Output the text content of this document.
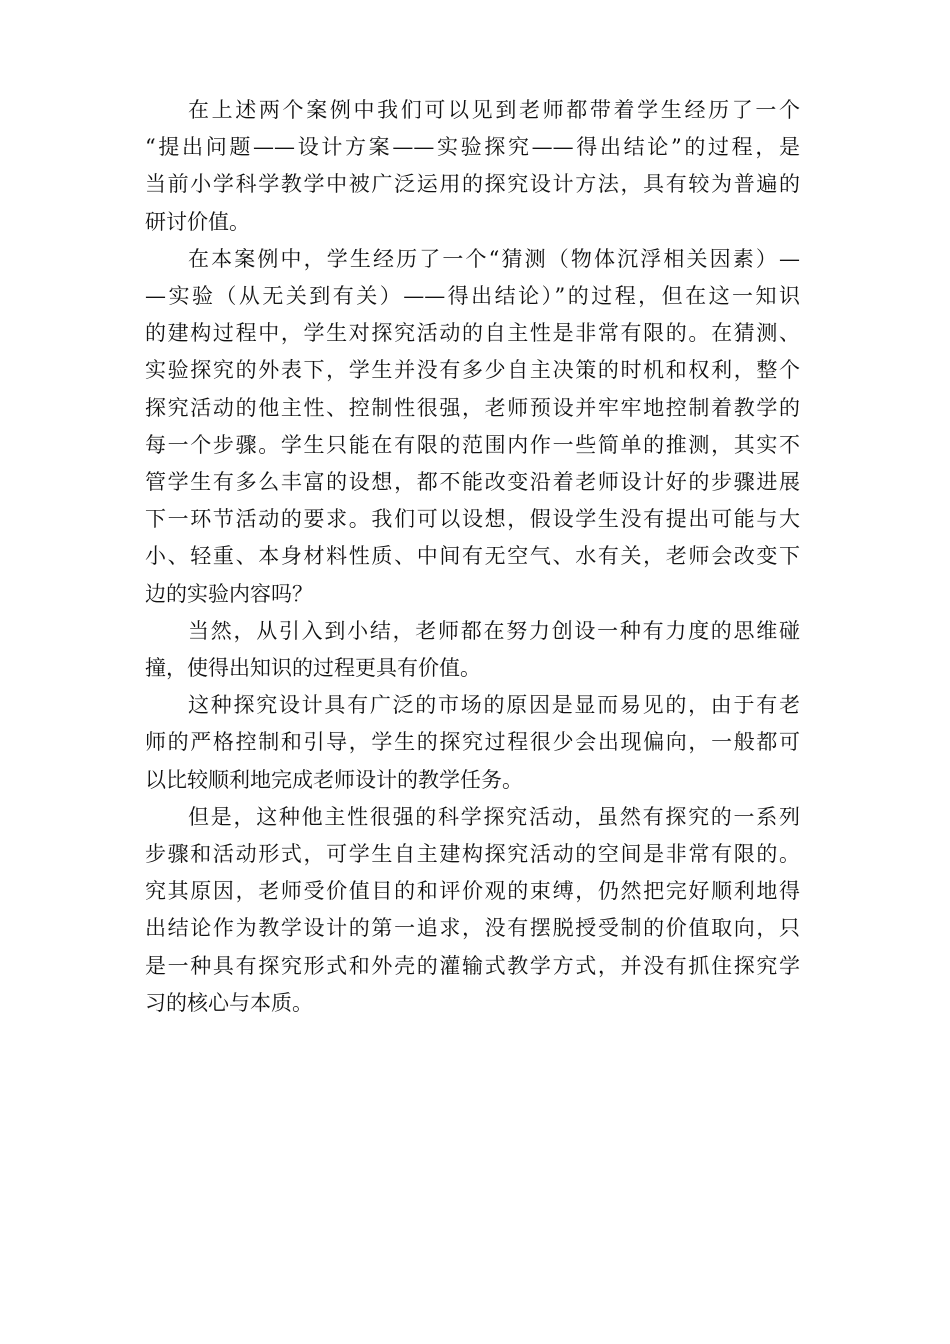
在上述两个案例中我们可以见到老师都带着学生经历了一个
“提出问题——设计方案——实验探究——得出结论”的过程，是
当前小学科学教学中被广泛运用的探究设计方法，具有较为普遍的
研讨价值。

在本案例中，学生经历了一个“猜测（物体沉浮相关因素）—
—实验（从无关到有关）——得出结论）”的过程，但在这一知识
的建构过程中，学生对探究活动的自主性是非常有限的。在猜测、
实验探究的外表下，学生并没有多少自主决策的时机和权利，整个
探究活动的他主性、控制性很强，老师预设并牢牢地控制着教学的
每一个步骤。学生只能在有限的范围内作一些简单的推测，其实不
管学生有多么丰富的设想，都不能改变沿着老师设计好的步骤进展
下一环节活动的要求。我们可以设想，假设学生没有提出可能与大
小、轻重、本身材料性质、中间有无空气、水有关，老师会改变下
边的实验内容吗？

当然，从引入到小结，老师都在努力创设一种有力度的思维碰
撞，使得出知识的过程更具有价值。

这种探究设计具有广泛的市场的原因是显而易见的，由于有老
师的严格控制和引导，学生的探究过程很少会出现偏向，一般都可
以比较顺利地完成老师设计的教学任务。

但是，这种他主性很强的科学探究活动，虽然有探究的一系列
步骤和活动形式，可学生自主建构探究活动的空间是非常有限的。
究其原因，老师受价值目的和评价观的束缚，仍然把完好顺利地得
出结论作为教学设计的第一追求，没有摆脱授受制的价值取向，只
是一种具有探究形式和外壳的灌输式教学方式，并没有抓住探究学
习的核心与本质。
